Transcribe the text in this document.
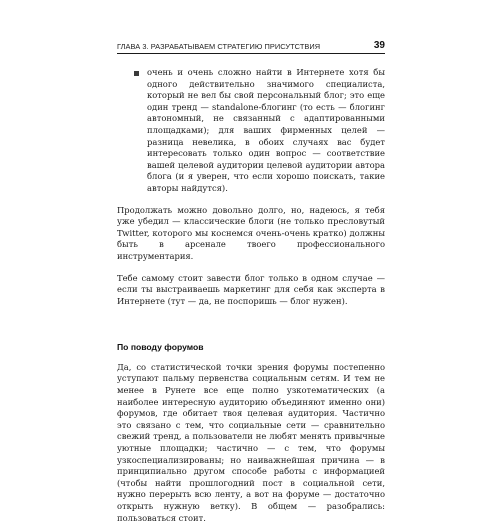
ГЛАВА 3. РАЗРАБАТЫВАЕМ СТРАТЕГИЮ ПРИСУТСТВИЯ	39

очень и очень сложно найти в Интернете хотя бы одного действительно значимого специалиста, который не вел бы свой персональный блог; это еще один тренд — standalone-блогинг (то есть — блогинг автономный, не связанный с адаптированными площадками); для ваших фирменных целей — разница невелика, в обоих случаях вас будет интересовать только один вопрос — соответствие вашей целевой аудитории целевой аудитории автора блога (и я уверен, что если хорошо поискать, такие авторы найдутся).

Продолжать можно довольно долго, но, надеюсь, я тебя уже убедил — классические блоги (не только пресловутый Twitter, которого мы коснемся очень-очень кратко) должны быть в арсенале твоего профессионального инструментария.

Тебе самому стоит завести блог только в одном случае — если ты выстраиваешь маркетинг для себя как эксперта в Интернете (тут — да, не поспоришь — блог нужен).

По поводу форумов

Да, со статистической точки зрения форумы постепенно уступают пальму первенства социальным сетям. И тем не менее в Рунете все еще полно узкотематических (а наиболее интересную аудиторию объединяют именно они) форумов, где обитает твоя целевая аудитория. Частично это связано с тем, что социальные сети — сравнительно свежий тренд, а пользователи не любят менять привычные уютные площадки; частично — с тем, что форумы узкоспециализированы; но наиважнейшая причина — в принципиально другом способе работы с информацией (чтобы найти прошлогодний пост в социальной сети, нужно перерыть всю ленту, а вот на форуме — достаточно открыть нужную ветку). В общем — разобрались: пользоваться стоит.
